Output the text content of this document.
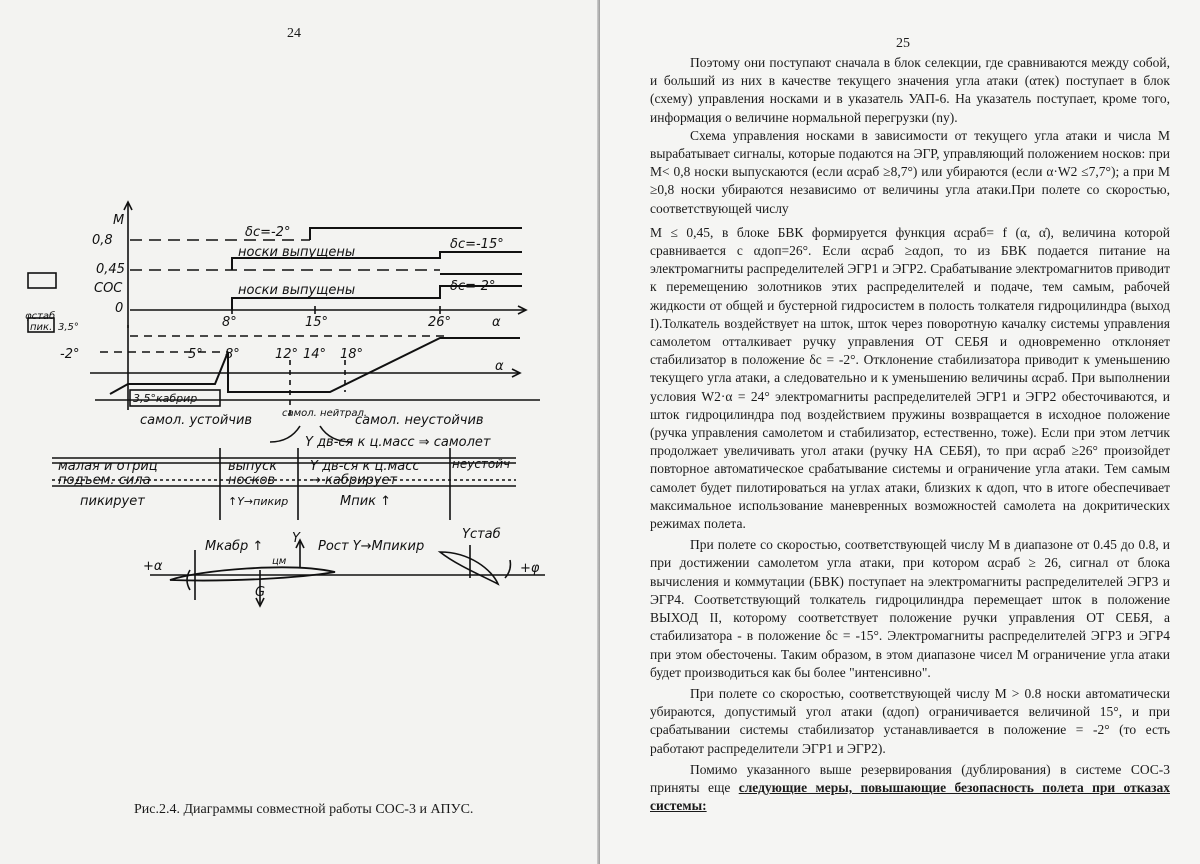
24
М
0,8
0,45
СОС
0
φстаб
пик. 3,5°
-2°
δc=-2°
δc=-15°
δc=-2°
носки выпущены
носки выпущены
8°	15°	26°	α
5° 8°	12° 14° 18°
α
3,5°кабрир
самол. устойчив	самол. нейтрал.
самол. неустойчив
Y дв-ся к ц.масс ⇒ самолет
малая и отриц
подъем. сила
выпуск
носков
Y дв-ся к ц.масс
→ кабрирует
неустойч
пикирует	↑Y→пикир	Мпик ↑
Мкабр ↑
Y
Рост Y→Мпикир
Yстаб
+α	+φ
цм
G
Рис.2.4. Диаграммы совместной работы СОС-3 и АПУС.
25

Поэтому они поступают сначала в блок селекции, где сравниваются между собой, и больший из них в качестве текущего значения угла атаки (αтек) поступает в блок (схему) управления носками и в указатель УАП-6. На указатель поступает, кроме того, информация о величине нормальной перегрузки (nу).

Схема управления носками в зависимости от текущего угла атаки и числа М вырабатывает сигналы, которые подаются на ЭГР, управляющий положением носков: при M< 0,8 носки выпускаются (если αсраб ≥8,7°) или убираются (если α·W2 ≤7,7°); а при M ≥0,8 носки убираются независимо от величины угла атаки.При полете со скоростью, соответствующей числу

M ≤ 0,45, в блоке БВК формируется функция αсраб= f (α, α̇), величина которой сравнивается с αдоп=26°. Если αсраб ≥αдоп, то из БВК подается питание на электромагниты распределителей ЭГР1 и ЭГР2. Срабатывание электромагнитов приводит к перемещению золотников этих распределителей и подаче, тем самым, рабочей жидкости от общей и бустерной гидросистем в полость толкателя гидроцилиндра (выход I).Толкатель воздействует на шток, шток через поворотную качалку системы управления самолетом отталкивает ручку управления ОТ СЕБЯ и одновременно отклоняет стабилизатор в положение δc = -2°. Отклонение стабилизатора приводит к уменьшению текущего угла атаки, а следовательно и к уменьшению величины αсраб. При выполнении условия W2·α = 24° электромагниты распределителей ЭГР1 и ЭГР2 обесточиваются, и шток гидроцилиндра под воздействием пружины возвращается в исходное положение (ручка управления самолетом и стабилизатор, естественно, тоже). Если при этом летчик продолжает увеличивать угол атаки (ручку НА СЕБЯ), то при αсраб ≥26° произойдет повторное автоматическое срабатывание системы и ограничение угла атаки. Тем самым самолет будет пилотироваться на углах атаки, близких к αдоп, что в итоге обеспечивает максимальное использование маневренных возможностей самолета на докритических режимах полета.

При полете со скоростью, соответствующей числу М в диапазоне от 0.45 до 0.8, и при достижении самолетом угла атаки, при котором αсраб ≥ 26, сигнал от блока вычисления и коммутации (БВК) поступает на электромагниты распределителей ЭГР3 и ЭГР4. Соответствующий толкатель гидроцилиндра перемещает шток в положение ВЫХОД II, которому соответствует положение ручки управления ОТ СЕБЯ, а стабилизатора - в положение δc = -15°. Электромагниты распределителей ЭГР3 и ЭГР4 при этом обесточены. Таким образом, в этом диапазоне чисел М ограничение угла атаки будет производиться как бы более "интенсивно".

При полете со скоростью, соответствующей числу M > 0.8 носки автоматически убираются, допустимый угол атаки (αдоп) ограничивается величиной 15°, и при срабатывании системы стабилизатор устанавливается в положение = -2° (то есть работают распределители ЭГР1 и ЭГР2).

Помимо указанного выше резервирования (дублирования) в системе СОС-3 приняты еще следующие меры, повышающие безопасность полета при отказах системы:
